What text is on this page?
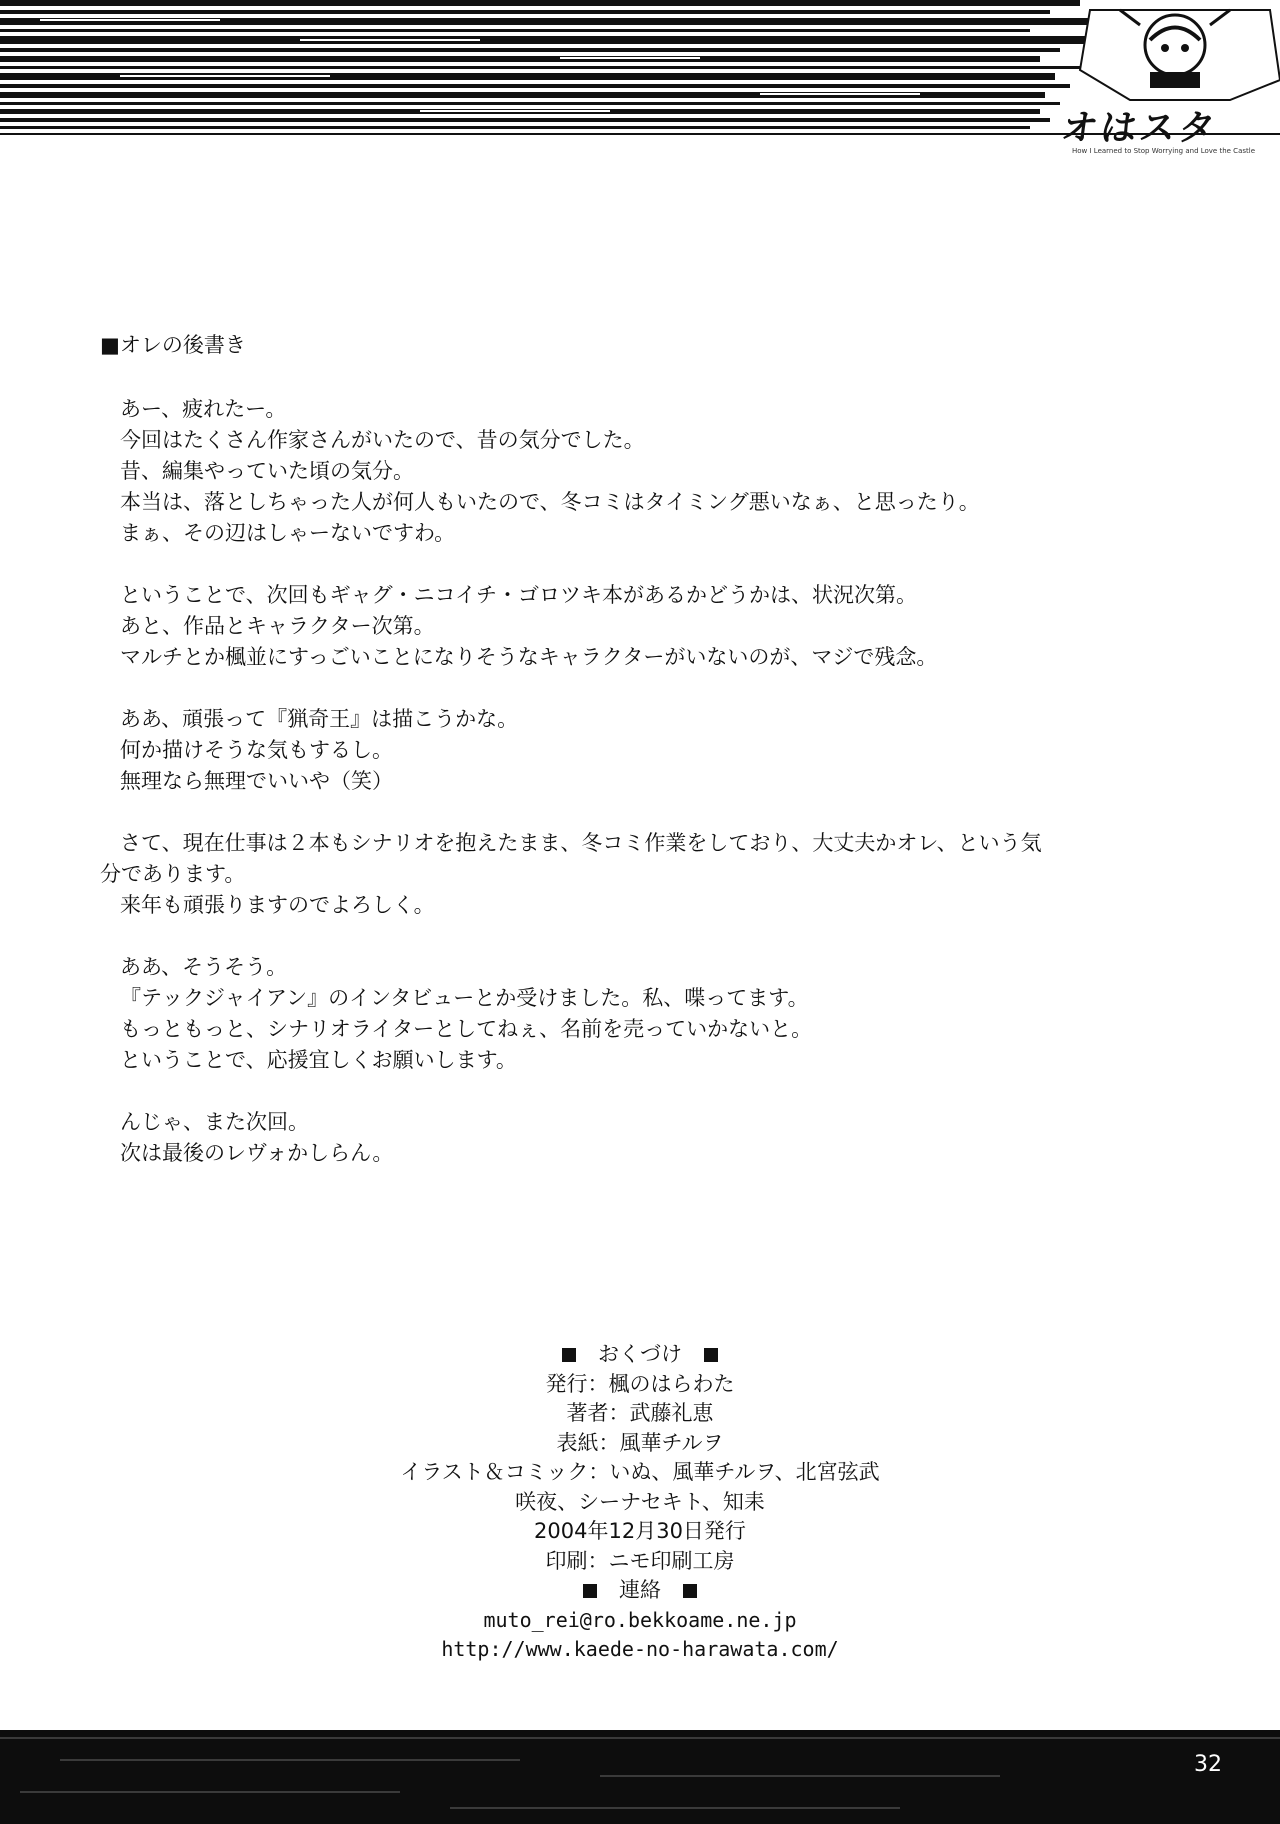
オはスタ
How I Learned to Stop Worrying and Love the Castle
■オレの後書き

あー、疲れたー。
今回はたくさん作家さんがいたので、昔の気分でした。
昔、編集やっていた頃の気分。
本当は、落としちゃった人が何人もいたので、冬コミはタイミング悪いなぁ、と思ったり。
まぁ、その辺はしゃーないですわ。

ということで、次回もギャグ・ニコイチ・ゴロツキ本があるかどうかは、状況次第。
あと、作品とキャラクター次第。
マルチとか楓並にすっごいことになりそうなキャラクターがいないのが、マジで残念。

ああ、頑張って『猟奇王』は描こうかな。
何か描けそうな気もするし。
無理なら無理でいいや（笑）

さて、現在仕事は２本もシナリオを抱えたまま、冬コミ作業をしており、大丈夫かオレ、という気
分であります。
来年も頑張りますのでよろしく。

ああ、そうそう。
『テックジャイアン』のインタビューとか受けました。私、喋ってます。
もっともっと、シナリオライターとしてねぇ、名前を売っていかないと。
ということで、応援宜しくお願いします。

んじゃ、また次回。
次は最後のレヴォかしらん。

おくづけ
発行：楓のはらわた
著者：武藤礼恵
表紙：風華チルヲ
イラスト＆コミック：いぬ、風華チルヲ、北宮弦武
咲夜、シーナセキト、知耒
2004年12月30日発行
印刷：ニモ印刷工房
連絡
muto_rei@ro.bekkoame.ne.jp
http://www.kaede-no-harawata.com/
32
